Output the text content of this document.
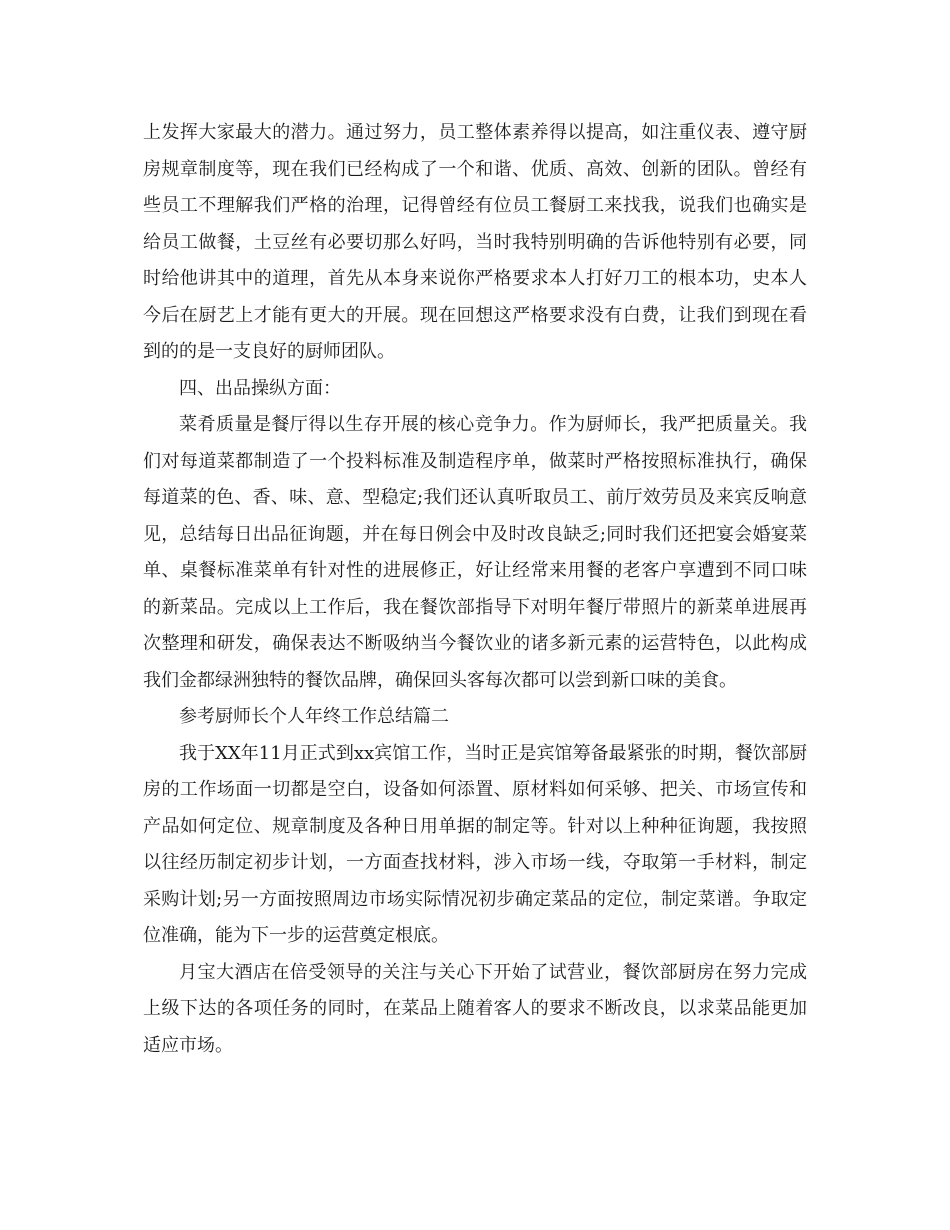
上发挥大家最大的潜力。通过努力，员工整体素养得以提高，如注重仪表、遵守厨房规章制度等，现在我们已经构成了一个和谐、优质、高效、创新的团队。曾经有些员工不理解我们严格的治理，记得曾经有位员工餐厨工来找我，说我们也确实是给员工做餐，土豆丝有必要切那么好吗，当时我特别明确的告诉他特别有必要，同时给他讲其中的道理，首先从本身来说你严格要求本人打好刀工的根本功，史本人今后在厨艺上才能有更大的开展。现在回想这严格要求没有白费，让我们到现在看到的的是一支良好的厨师团队。

四、出品操纵方面：

菜肴质量是餐厅得以生存开展的核心竞争力。作为厨师长，我严把质量关。我们对每道菜都制造了一个投料标准及制造程序单，做菜时严格按照标准执行，确保每道菜的色、香、味、意、型稳定;我们还认真听取员工、前厅效劳员及来宾反响意见，总结每日出品征询题，并在每日例会中及时改良缺乏;同时我们还把宴会婚宴菜单、桌餐标准菜单有针对性的进展修正，好让经常来用餐的老客户享遭到不同口味的新菜品。完成以上工作后，我在餐饮部指导下对明年餐厅带照片的新菜单进展再次整理和研发，确保表达不断吸纳当今餐饮业的诸多新元素的运营特色，以此构成我们金都绿洲独特的餐饮品牌，确保回头客每次都可以尝到新口味的美食。

参考厨师长个人年终工作总结篇二

我于XX年11月正式到xx宾馆工作，当时正是宾馆筹备最紧张的时期，餐饮部厨房的工作场面一切都是空白，设备如何添置、原材料如何采够、把关、市场宣传和产品如何定位、规章制度及各种日用单据的制定等。针对以上种种征询题，我按照以往经历制定初步计划，一方面查找材料，涉入市场一线，夺取第一手材料，制定采购计划;另一方面按照周边市场实际情况初步确定菜品的定位，制定菜谱。争取定位准确，能为下一步的运营奠定根底。

月宝大酒店在倍受领导的关注与关心下开始了试营业，餐饮部厨房在努力完成上级下达的各项任务的同时，在菜品上随着客人的要求不断改良，以求菜品能更加适应市场。
